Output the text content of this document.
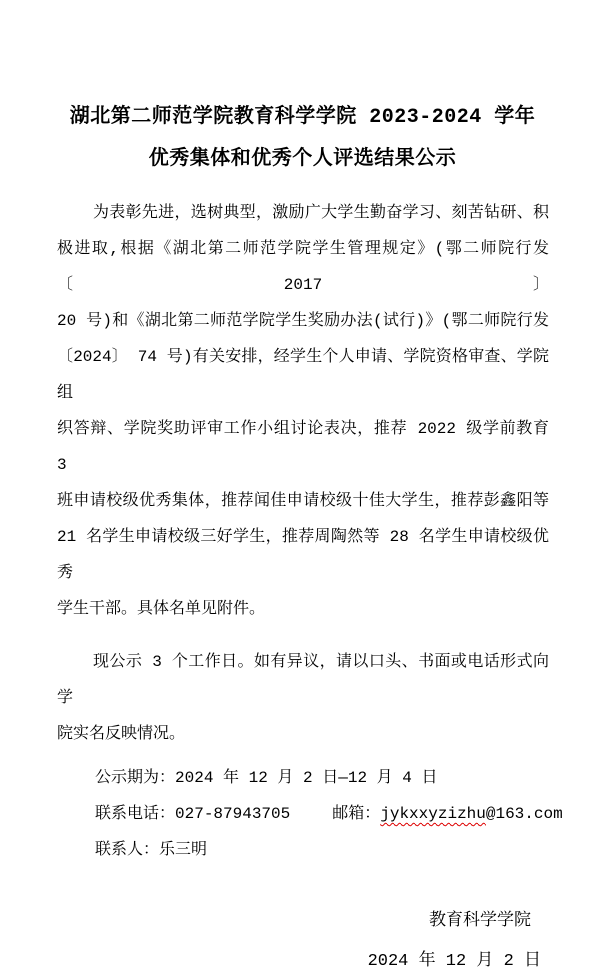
湖北第二师范学院教育科学学院 2023-2024 学年
优秀集体和优秀个人评选结果公示
为表彰先进，选树典型，激励广大学生勤奋学习、刻苦钻研、积
极进取,根据《湖北第二师范学院学生管理规定》(鄂二师院行发〔2017〕
20 号)和《湖北第二师范学院学生奖励办法(试行)》(鄂二师院行发
〔2024〕 74 号)有关安排，经学生个人申请、学院资格审查、学院组
织答辩、学院奖助评审工作小组讨论表决，推荐 2022 级学前教育 3
班申请校级优秀集体，推荐闻佳申请校级十佳大学生，推荐彭鑫阳等
21 名学生申请校级三好学生，推荐周陶然等 28 名学生申请校级优秀
学生干部。具体名单见附件。
现公示 3 个工作日。如有异议，请以口头、书面或电话形式向学
院实名反映情况。
公示期为：2024 年 12 月 2 日—12 月 4 日
联系电话：027-87943705	邮箱：jykxxyzizhu@163.com
联系人：乐三明
教育科学学院
2024 年 12 月 2 日
